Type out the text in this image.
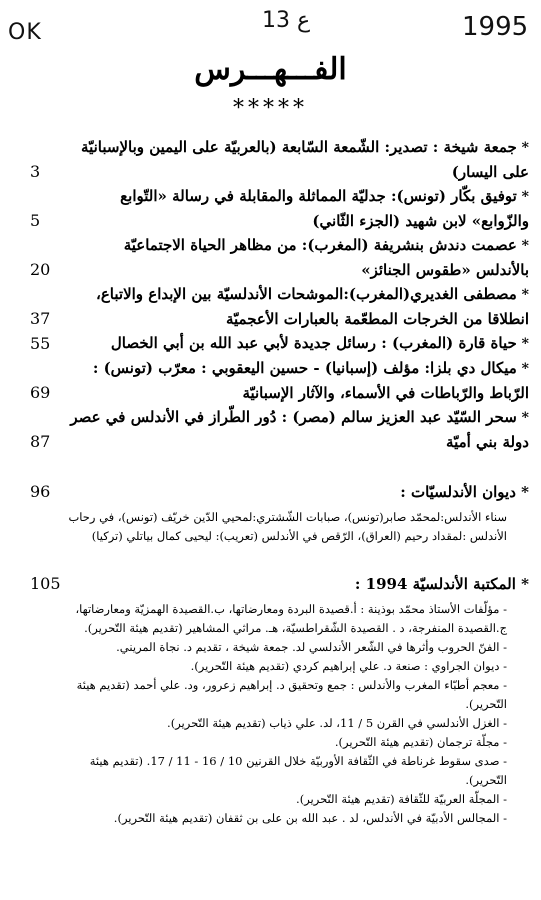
OK	ع 13	1995
الفـــهـــرس
*****
* جمعة شيخة : تصدير: الشّمعة السّابعة (بالعربيّة على اليمين وبالإسبانيّة على اليسار)
3
* توفيق بكّار (تونس): جدليّة المماثلة والمقابلة في رسالة «التّوابع والزّوابع» لابن شهيد (الجزء الثّاني)
5
* عصمت دندش بنشريفة (المغرب): من مظاهر الحياة الاجتماعيّة بالأندلس «طقوس الجنائز»
20
* مصطفى الغديري(المغرب):الموشحات الأندلسيّة بين الإبداع والاتباع، انطلاقا من الخرجات المطعّمة بالعبارات الأعجميّة
37
* حياة قارة (المغرب) : رسائل جديدة لأبي عبد الله بن أبي الخصال
55
* ميكال دي بلزا: مؤلف (إسبانيا) - حسين اليعقوبي : معرّب (تونس) : الرّباط والرّباطات في الأسماء، والآثار الإسبانيّة
69
* سحر السّيّد عبد العزيز سالم (مصر) : دُور الطّراز في الأندلس في عصر دولة بني أميّة
87
* ديوان الأندلسيّات :
96
سناء الأندلس:لمحمّد صابر(تونس)، صبابات الشّشتري:لمحيي الدّين خريّف (تونس)، في رحاب الأندلس :لمقداد رحيم (العراق)، الرّقص في الأندلس (تعريب): ليحيى كمال بياتلي (تركيا)
* المكتبة الأندلسيّة 1994 :
105
- مؤلّفات الأستاذ محمّد بوذينة : أ.قصيدة البردة ومعارضاتها، ب.القصيدة الهمزيّة ومعارضاتها، ج.القصيدة المنفرجة، د . القصيدة الشّقراطسيّة، هـ. مراثي المشاهير (تقديم هيئة التّحرير).
- الفنّ الحروب وأثرها في الشّعر الأندلسي لد. جمعة شيخة ، تقديم د. نجاة المريني.
- ديوان الجراوي : صنعة د. علي إبراهيم كردي (تقديم هيئة التّحرير).
- معجم أطبّاء المغرب والأندلس : جمع وتحقيق د. إبراهيم زعرور، ود. علي أحمد (تقديم هيئة التّحرير).
- الغزل الأندلسي في القرن 5 / 11، لد. علي ذياب (تقديم هيئة التّحرير).
- مجلّة ترجمان (تقديم هيئة التّحرير).
- صدى سقوط غرناطة في الثّقافة الأوربيّة خلال القرنين 10 / 16 - 11 / 17. (تقديم هيئة التّحرير).
- المجلّة العربيّة للثّقافة (تقديم هيئة التّحرير).
- المجالس الأدبيّة في الأندلس، لد . عبد الله بن على بن ثقفان (تقديم هيئة التّحرير).
